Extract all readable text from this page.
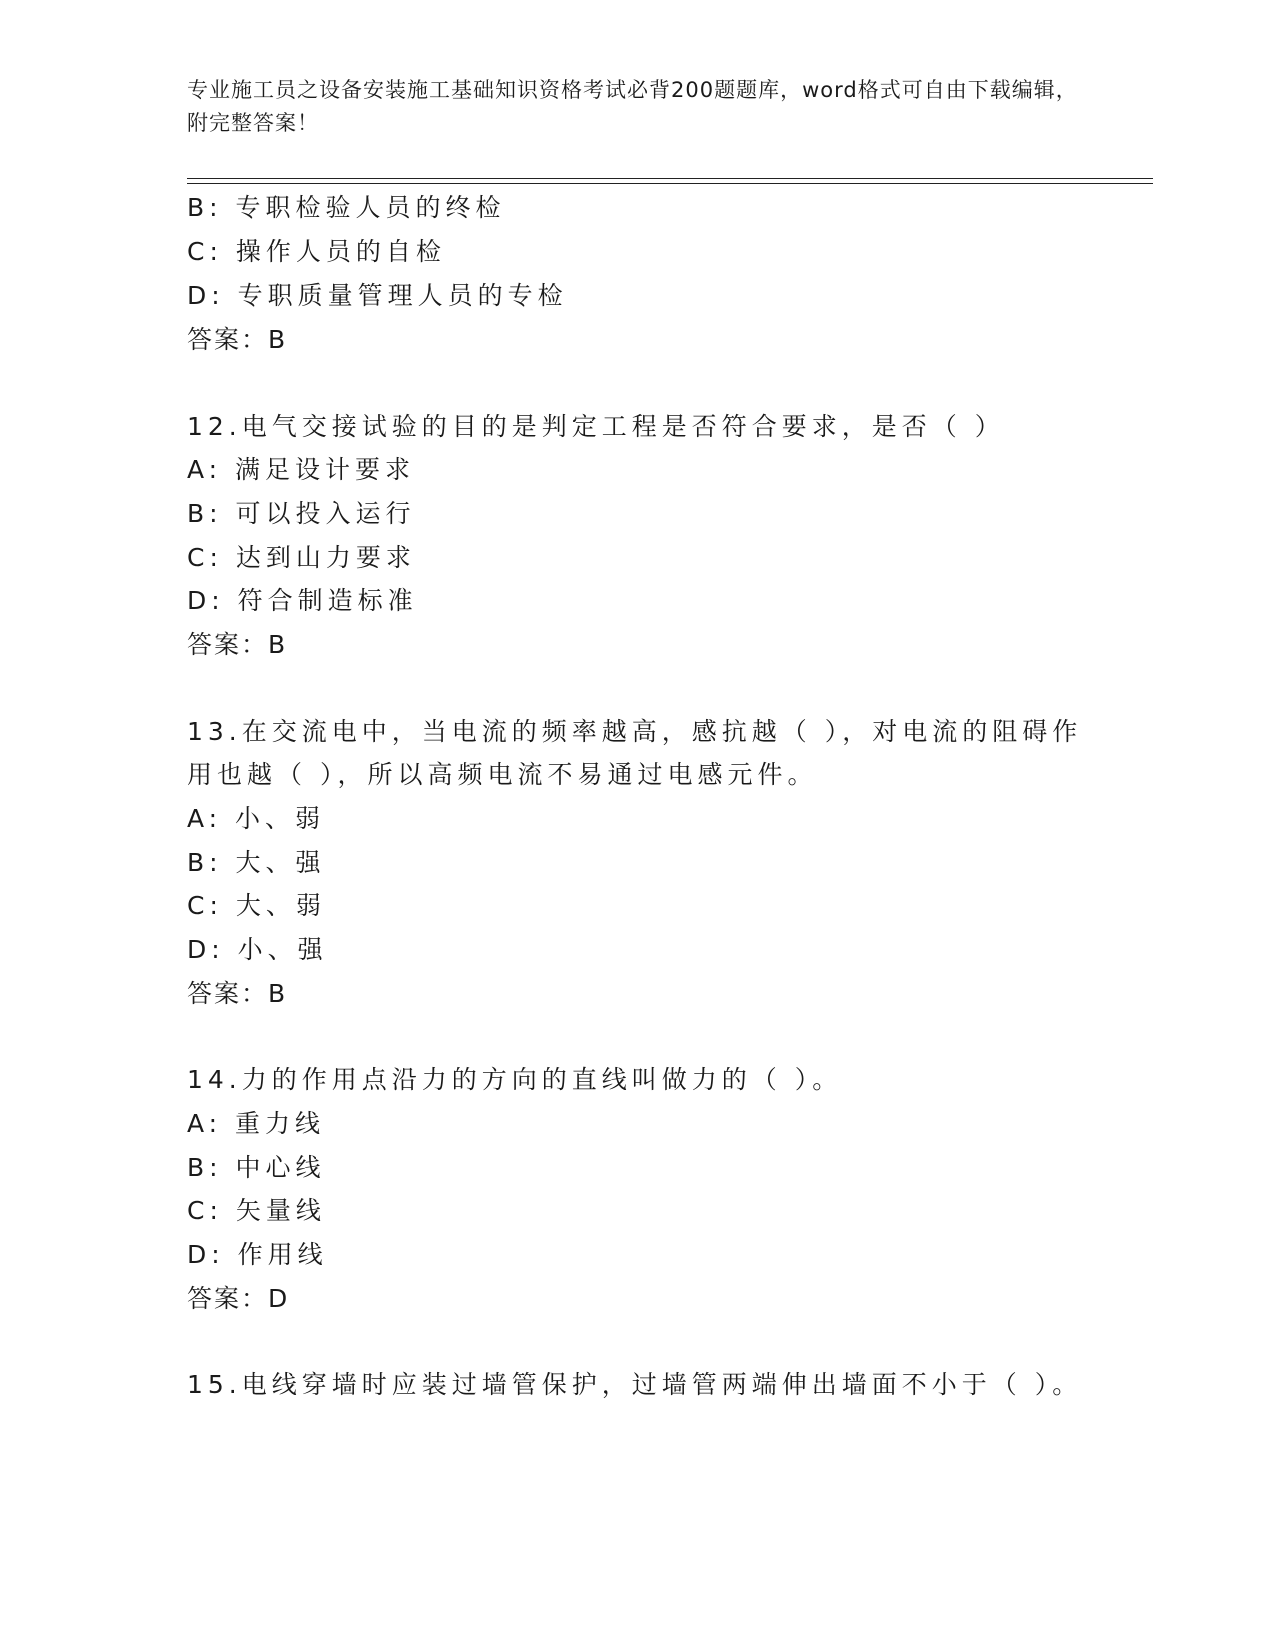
专业施工员之设备安装施工基础知识资格考试必背200题题库，word格式可自由下载编辑，附完整答案！

B: 专职检验人员的终检
C: 操作人员的自检
D: 专职质量管理人员的专检
答案：B
12.电气交接试验的目的是判定工程是否符合要求，是否（ ）
A: 满足设计要求
B: 可以投入运行
C: 达到山力要求
D: 符合制造标准
答案：B
13.在交流电中，当电流的频率越高，感抗越（ ），对电流的阻碍作
用也越（ ），所以高频电流不易通过电感元件。
A: 小、弱
B: 大、强
C: 大、弱
D: 小、强
答案：B
14.力的作用点沿力的方向的直线叫做力的（ ）。
A: 重力线
B: 中心线
C: 矢量线
D: 作用线
答案：D
15.电线穿墙时应装过墙管保护，过墙管两端伸出墙面不小于（ ）。
